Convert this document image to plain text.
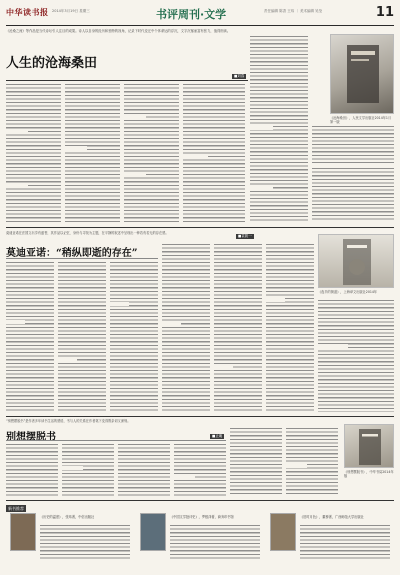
中华读书报 2014年3月19日 星期三	书评周刊·文学	责任编辑 陈香 王玮 ｜ 美术编辑 吴莹	11
《沧桑之流》等作品是当代诗坛引人注目的成果。诗人以自身的经历和独特的视角，记录下时代变迁中个体命运的浮沉，文字沉郁而富有张力，值得细读。
人生的沧海桑田
■刘春
《沧海桑田》，人民文学出版社2014年1月第一版
莫迪亚诺在法国文坛享有盛誉，其作品以记忆、身份与寻找为主题，在平静的叙述中呈现出一种若有若无的存在感。
莫迪亚诺：“稍纵即逝的存在”
■袁筱一
《夜半的街道》，上海译文出版社2014年
“别想摆脱书”是作者多年读书生活的感悟，书与人的关系在作者笔下变得既亲切又深刻。
别想摆脱书	■止庵
《别想摆脱书》，中华书局2014年版
新书推荐
《历史的温度》，张玮著，中信出版社	《中国文学批评史》，罗根泽著，商务印书馆	《旧时月色》，董桥著，广西师范大学出版社
